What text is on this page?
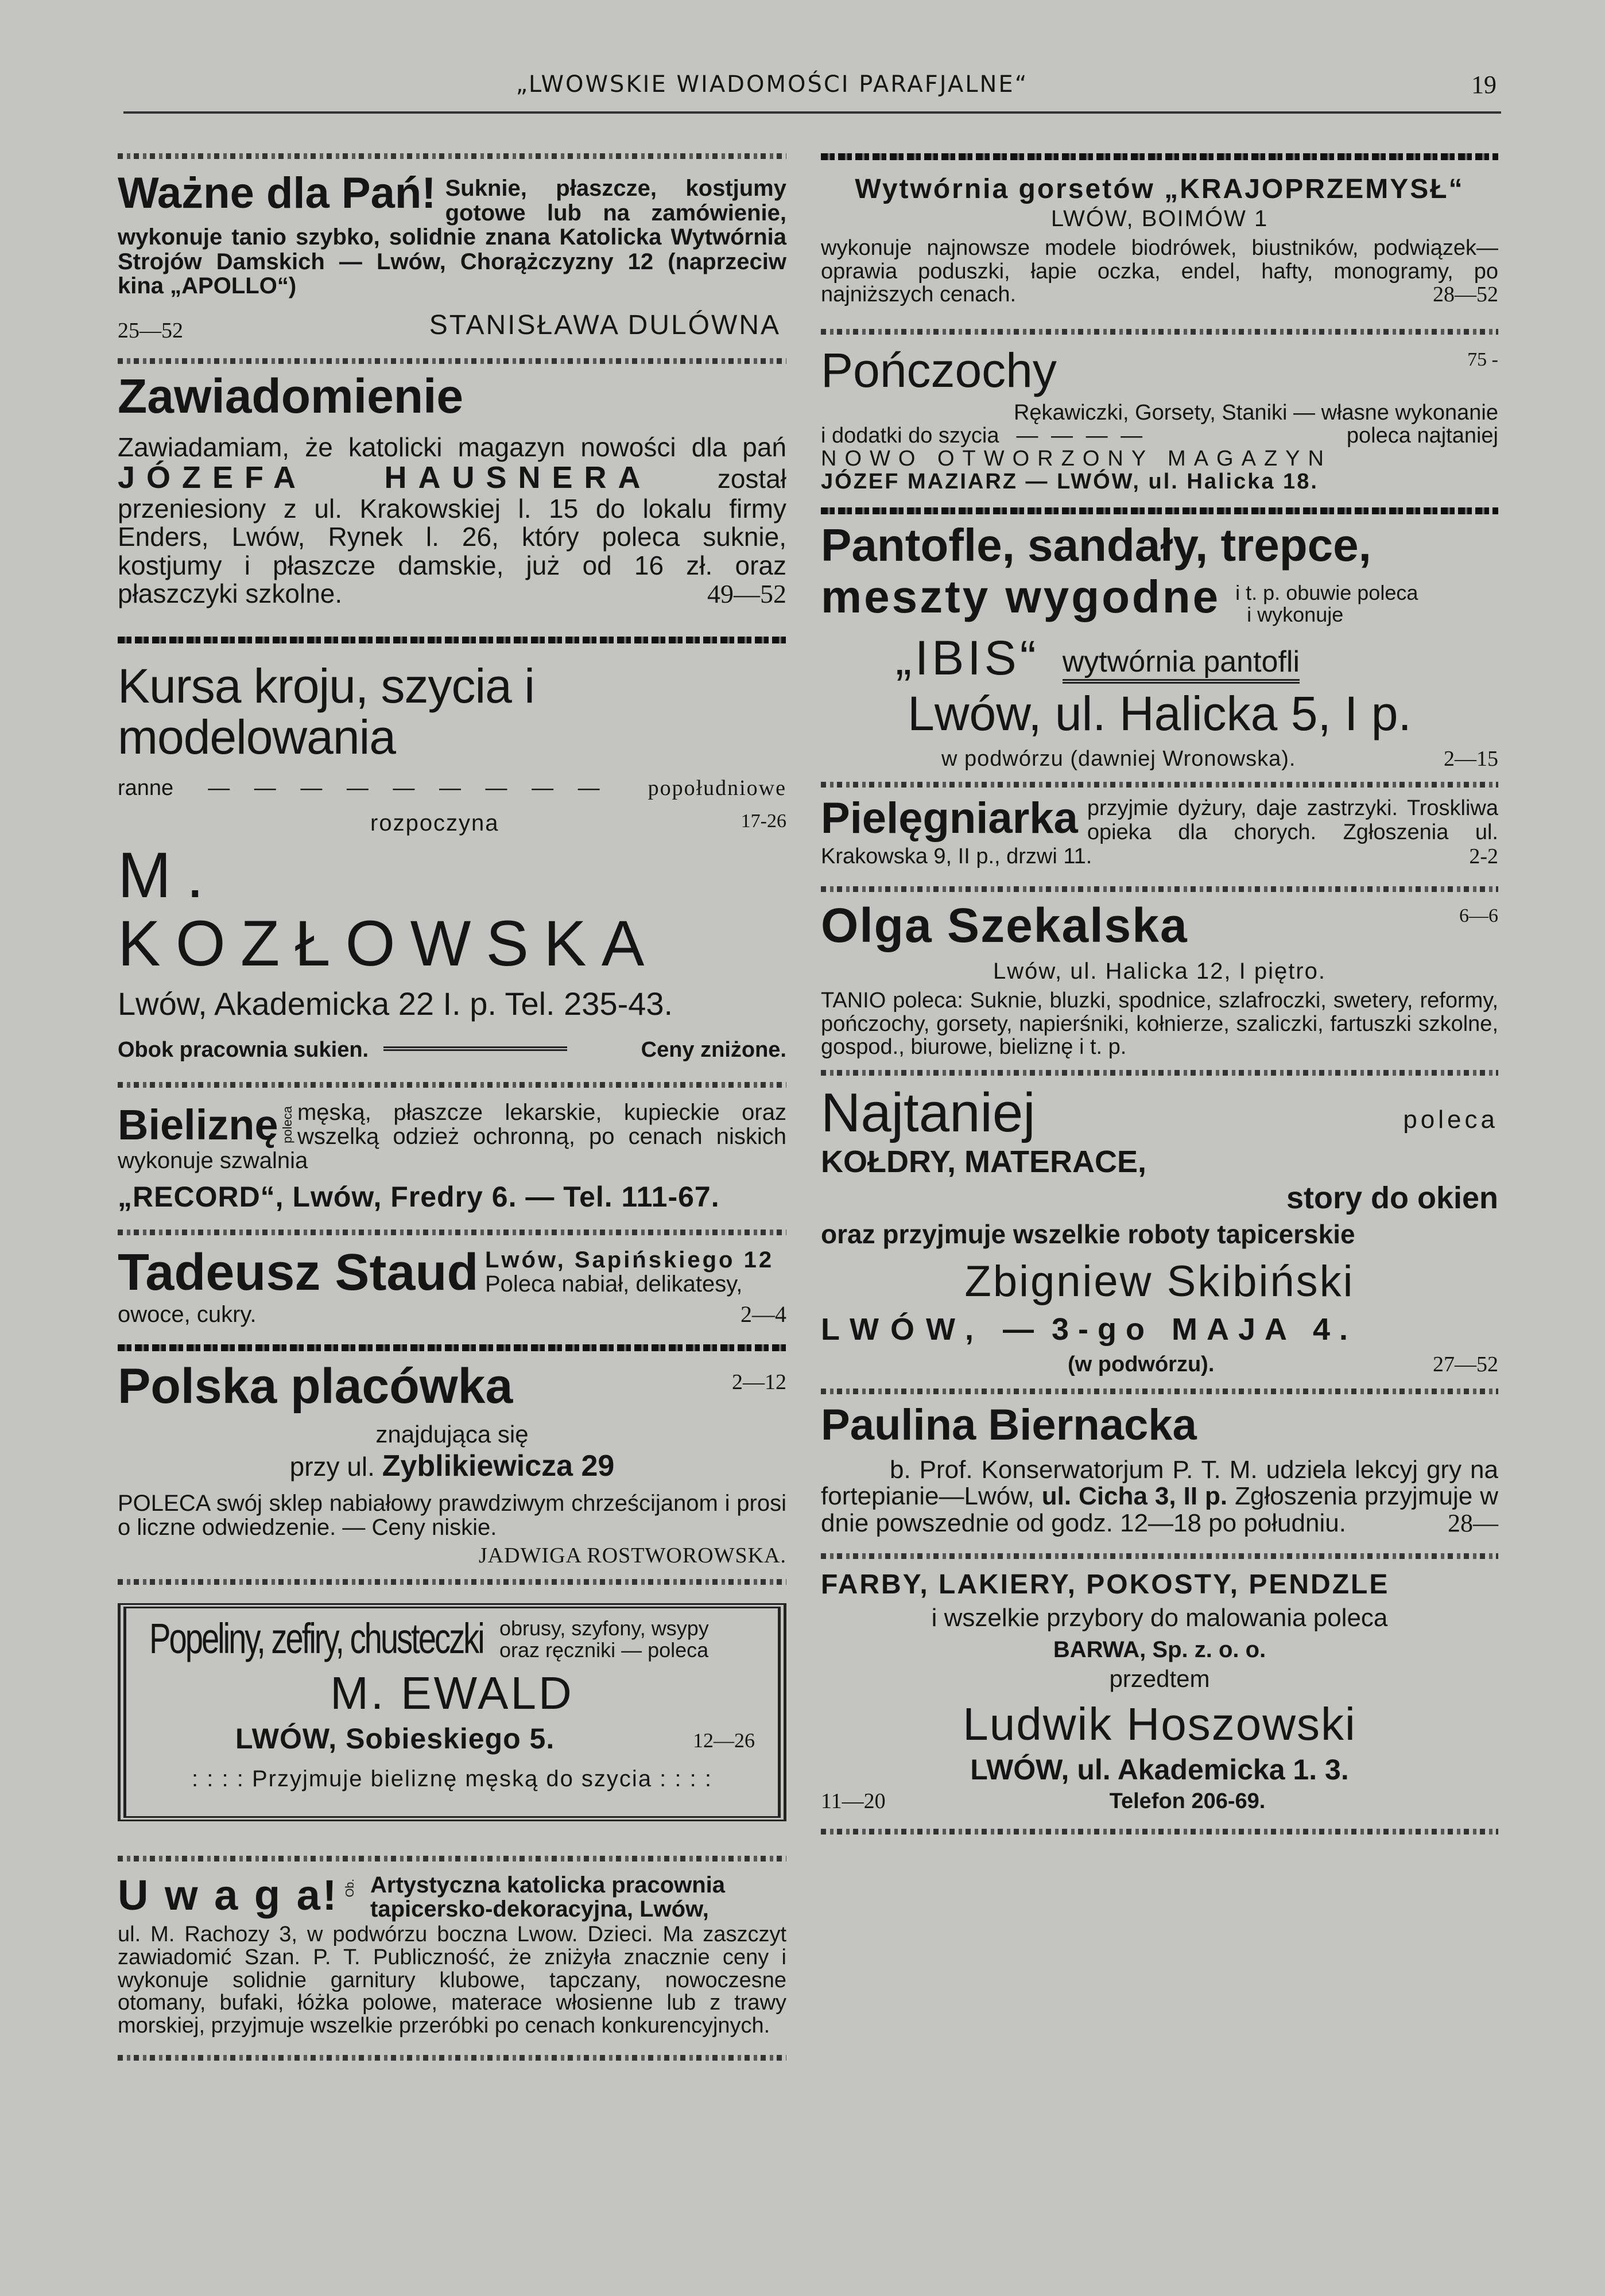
„LWOWSKIE WIADOMOŚCI PARAFJALNE“	19
Ważne dla Pań! Suknie, płaszcze, kostjumy gotowe lub na zamówienie, wykonuje tanio szybko, solidnie znana Katolicka Wytwórnia Strojów Damskich — Lwów, Chorążczyzny 12 (naprzeciw kina „APOLLO“)
25—52	STANISŁAWA DULÓWNA
Zawiadomienie
Zawiadamiam, że katolicki magazyn nowości dla pań JÓZEFA HAUSNERA został przeniesiony z ul. Krakowskiej l. 15 do lokalu firmy Enders, Lwów, Rynek l. 26, który poleca suknie, kostjumy i płaszcze damskie, już od 16 zł. oraz płaszczyki szkolne.	49—52
Kursa kroju, szycia i modelowania
ranne — — — — — — — — — popołudniowe
rozpoczyna	17-26
M. KOZŁOWSKA
Lwów, Akademicka 22 I. p. Tel. 235-43.
Obok pracownia sukien.	Ceny zniżone.
Bieliznę poleca męską, płaszcze lekarskie, kupieckie oraz wszelką odzież ochronną, po cenach niskich wykonuje szwalnia
„RECORD“, Lwów, Fredry 6. — Tel. 111-67.
Tadeusz Staud Lwów, Sapińskiego 12
Poleca nabiał, delikatesy,
owoce, cukry.	2—4
Polska placówka	2—12
znajdująca się
przy ul. Zyblikiewicza 29
POLECA swój sklep nabiałowy prawdziwym chrześcijanom i prosi o liczne odwiedzenie. — Ceny niskie.
JADWIGA ROSTWOROWSKA.
Popeliny, zefiry, chusteczki obrusy, szyfony, wsypy
oraz ręczniki — poleca
M. EWALD
LWÓW, Sobieskiego 5.	12—26
: : : : Przyjmuje bieliznę męską do szycia : : : :
U w a g a! Ob. Artystyczna katolicka pracownia
tapicersko-dekoracyjna, Lwów,
ul. M. Rachozy 3, w podwórzu boczna Lwow. Dzieci. Ma zaszczyt zawiadomić Szan. P. T. Publiczność, że zniżyła znacznie ceny i wykonuje solidnie garnitury klubowe, tapczany, nowoczesne otomany, bufaki, łóżka polowe, materace włosienne lub z trawy morskiej, przyjmuje wszelkie przeróbki po cenach konkurencyjnych.
Wytwórnia gorsetów „KRAJOPRZEMYSŁ“
LWÓW, BOIMÓW 1
wykonuje najnowsze modele biodrówek, biustników, podwiązek—oprawia poduszki, łapie oczka, endel, hafty, monogramy, po najniższych cenach.	28—52
Pończochy	75 -
Rękawiczki, Gorsety, Staniki — własne wykonanie
i dodatki do szycia — — — —	poleca najtaniej
NOWO OTWORZONY MAGAZYN
JÓZEF MAZIARZ — LWÓW, ul. Halicka 18.
Pantofle, sandały, trepce,
meszty wygodne i t. p. obuwie poleca
i wykonuje
„IBIS“ wytwórnia pantofli
Lwów, ul. Halicka 5, I p.
w podwórzu (dawniej Wronowska).	2—15
Pielęgniarka przyjmie dyżury, daje zastrzyki. Troskliwa opieka dla chorych. Zgłoszenia ul. Krakowska 9, II p., drzwi 11.	2-2
Olga Szekalska	6—6
Lwów, ul. Halicka 12, I piętro.
TANIO poleca: Suknie, bluzki, spodnice, szlafroczki, swetery, reformy, pończochy, gorsety, napierśniki, kołnierze, szaliczki, fartuszki szkolne, gospod., biurowe, bieliznę i t. p.
Najtaniej	poleca
KOŁDRY, MATERACE,
story do okien
oraz przyjmuje wszelkie roboty tapicerskie
Zbigniew Skibiński
LWÓW, — 3-go MAJA 4.
(w podwórzu).	27—52
Paulina Biernacka
b. Prof. Konserwatorjum P. T. M. udziela lekcyj gry na fortepianie—Lwów, ul. Cicha 3, II p. Zgłoszenia przyjmuje w dnie powszednie od godz. 12—18 po południu.	28—
FARBY, LAKIERY, POKOSTY, PENDZLE
i wszelkie przybory do malowania poleca
BARWA, Sp. z. o. o.
przedtem
Ludwik Hoszowski
LWÓW, ul. Akademicka 1. 3.
11—20	Telefon 206-69.
